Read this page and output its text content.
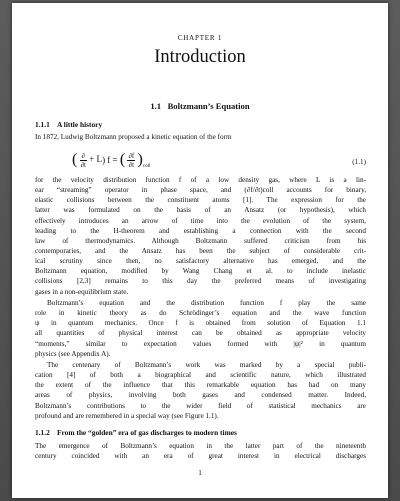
CHAPTER 1
Introduction
1.1 Boltzmann’s Equation
1.1.1 A little history
In 1872, Ludwig Boltzmann proposed a kinetic equation of the form
( $\frac{\partial}{\partial t} + L$) f = ( $\frac{\partial f}{\partial t} )_{coll}$
(1.1)
for the velocity distribution function f of a low density gas, where L is a lin-
ear “streaming” operator in phase space, and (∂f/∂t)coll accounts for binary,
elastic collisions between the constituent atoms [1]. The expression for the
latter was formulated on the basis of an Ansatz (or hypothesis), which
effectively introduces an arrow of time into the evolution of the system,
leading to the H-theorem and establishing a connection with the second
law of thermodynamics. Although Boltzmann suffered criticism from his
contemporaries, and the Ansatz has been the subject of considerable crit-
ical scrutiny since then, no satisfactory alternative has emerged, and the
Boltzmann equation, modified by Wang Chang et al. to include inelastic
collisions [2,3] remains to this day the preferred means of investigating
gases in a non-equilibrium state.
Boltzmann’s equation and the distribution function f play the same
role in kinetic theory as do Schrödinger’s equation and the wave function
ψ in quantum mechanics. Once f is obtained from solution of Equation 1.1
all quantities of physical interest can be obtained as appropriate velocity
“moments,” similar to expectation values formed with |ψ|² in quantum
physics (see Appendix A).
The centenary of Boltzmann’s work was marked by a special publi-
cation [4] of both a biographical and scientific nature, which illustrated
the extent of the influence that this remarkable equation has had on many
areas of physics, involving both gases and condensed matter. Indeed,
Boltzmann’s contributions to the wider field of statistical mechanics are
profound and are remembered in a special way (see Figure 1.1).
1.1.2 From the “golden” era of gas discharges to modern times
The emergence of Boltzmann’s equation in the latter part of the nineteenth
century coincided with an era of great interest in electrical discharges
1
